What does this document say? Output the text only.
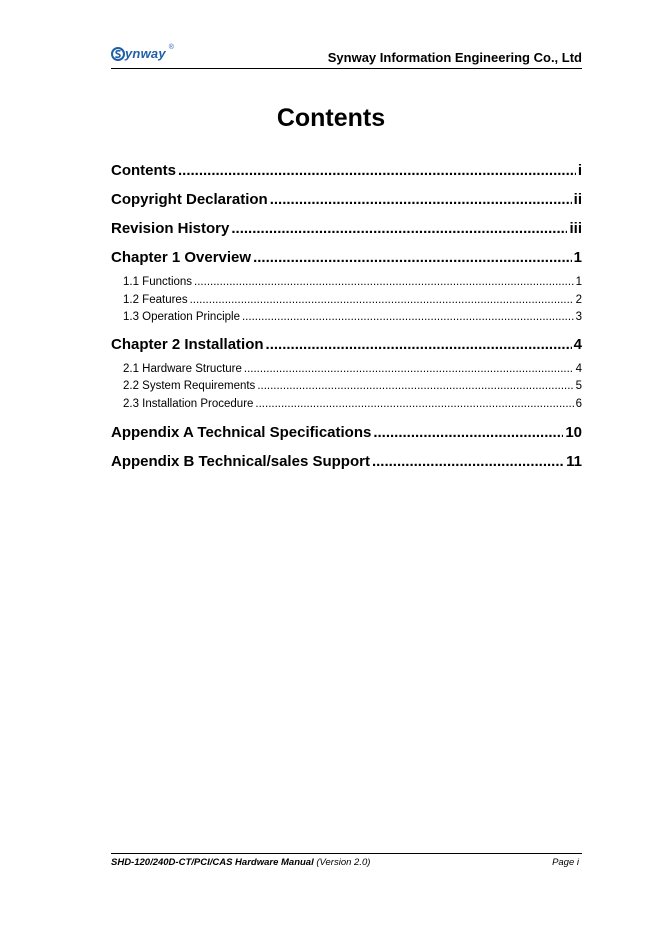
ynway ®
Synway Information Engineering Co., Ltd
Contents
Contents .....	i
Copyright Declaration .....	ii
Revision History .....	iii
Chapter 1 Overview .....	1
1.1 Functions .....	1
1.2 Features .....	2
1.3 Operation Principle .....	3
Chapter 2 Installation .....	4
2.1 Hardware Structure .....	4
2.2 System Requirements .....	5
2.3 Installation Procedure .....	6
Appendix A Technical Specifications .....	10
Appendix B Technical/sales Support .....	11
SHD-120/240D-CT/PCI/CAS Hardware Manual (Version 2.0)	Page i
